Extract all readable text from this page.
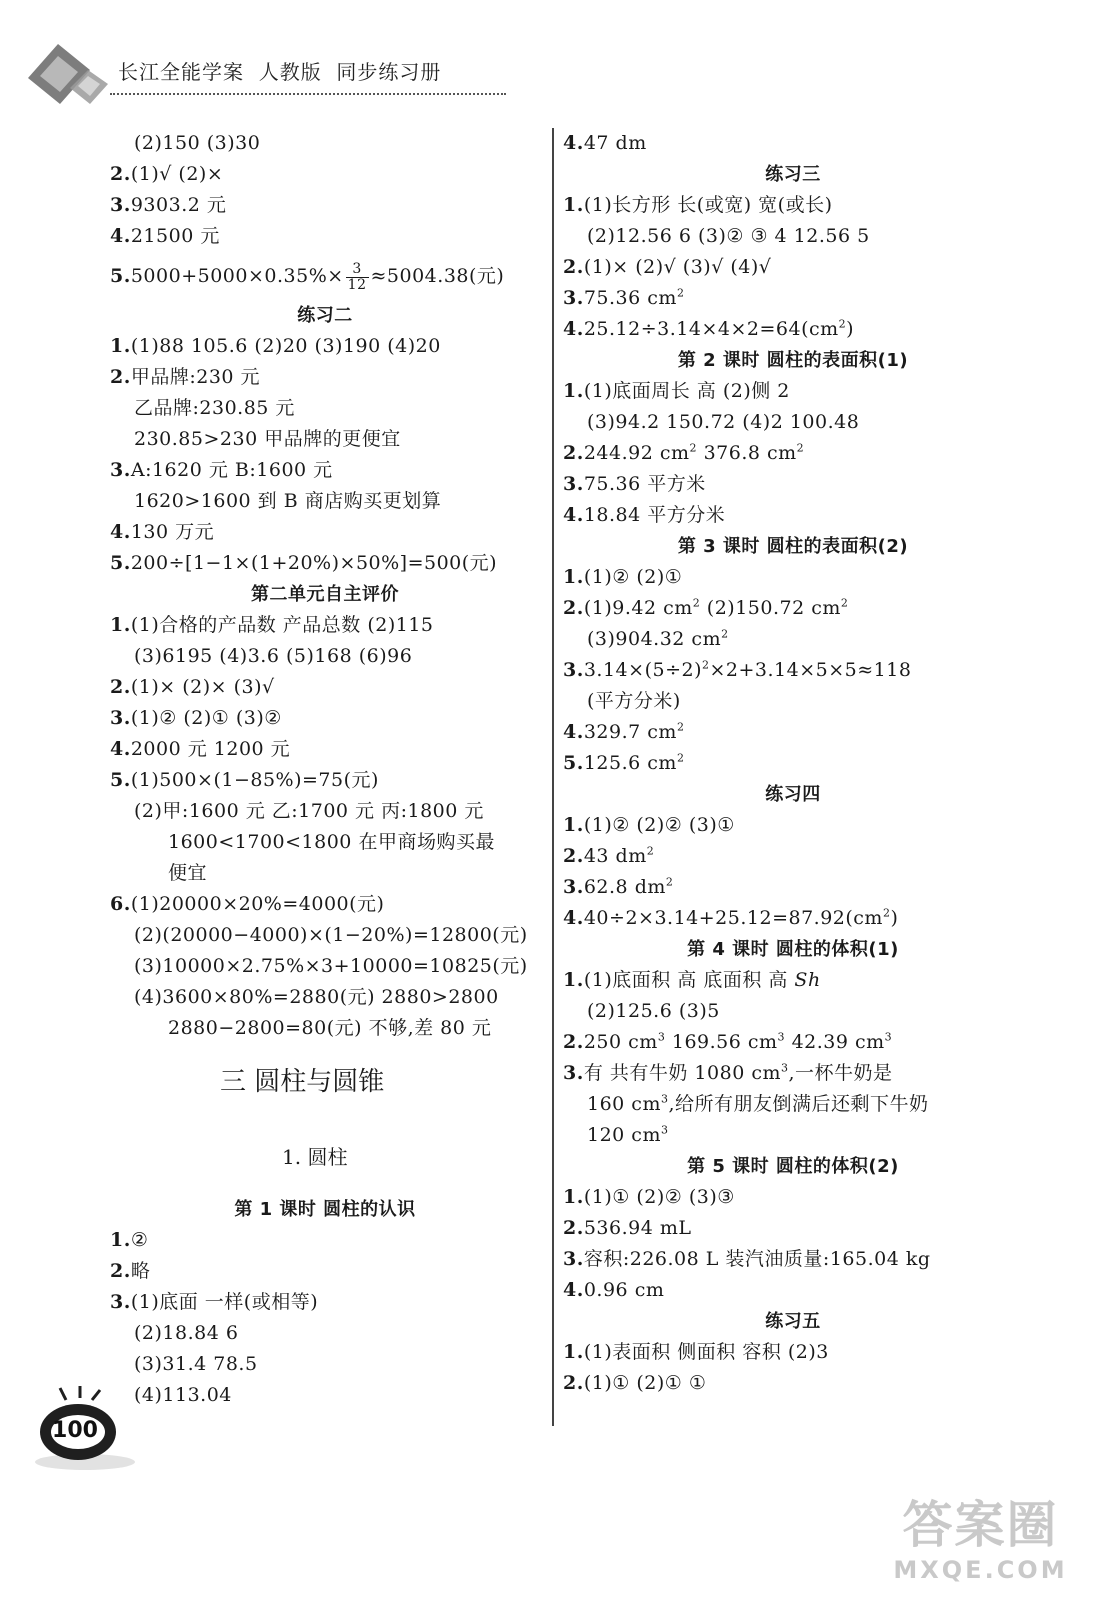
长江全能学案  人教版  同步练习册
(2)150 (3)30
2.(1)√ (2)×
3.9303.2 元
4.21500 元
$5.5000+5000\times 0.35\%\times \frac{3}{12} \approx 5004.38$(元)
练习二
1.(1)88 105.6 (2)20 (3)190 (4)20
2.甲品牌:230 元
乙品牌:230.85 元
230.85>230 甲品牌的更便宜
3.A:1620 元 B:1600 元
1620>1600 到 B 商店购买更划算
4.130 万元
5.200÷[1−1×(1+20%)×50%]=500(元)
第二单元自主评价
1.(1)合格的产品数 产品总数 (2)115
(3)6195 (4)3.6 (5)168 (6)96
2.(1)× (2)× (3)√
3.(1)② (2)① (3)②
4.2000 元 1200 元
5.(1)500×(1−85%)=75(元)
(2)甲:1600 元 乙:1700 元 丙:1800 元
1600<1700<1800 在甲商场购买最
便宜
6.(1)20000×20%=4000(元)
(2)(20000−4000)×(1−20%)=12800(元)
(3)10000×2.75%×3+10000=10825(元)
(4)3600×80%=2880(元) 2880>2800
2880−2800=80(元) 不够,差 80 元
三 圆柱与圆锥
1. 圆柱
第 1 课时 圆柱的认识
1.②
2.略
3.(1)底面 一样(或相等)
(2)18.84 6
(3)31.4 78.5
(4)113.04
4.47 dm
练习三
1.(1)长方形 长(或宽) 宽(或长)
(2)12.56 6 (3)② ③ 4 12.56 5
2.(1)× (2)√ (3)√ (4)√
3.75.36 $cm^2$
$4.25.12\div 3.14\times 4\times 2=64(cm^2)$
第 2 课时 圆柱的表面积(1)
1.(1)底面周长 高 (2)侧 2
(3)94.2 150.72 (4)2 100.48
2.244.92 $cm^2$ 376.8 $cm^2$
3.75.36 平方米
4.18.84 平方分米
第 3 课时 圆柱的表面积(2)
1.(1)② (2)①
2.(1)9.42 $cm^2$ (2)150.72 $cm^2$
(3)904.32 $cm^2$
$3.3.14\times(5\div 2)^2\times 2+3.14\times 5\times 5\approx 118$
(平方分米)
4.329.7 $cm^2$
5.125.6 $cm^2$
练习四
1.(1)② (2)② (3)①
2.43 $dm^2$
3.62.8 $dm^2$
$4.40\div 2\times 3.14+25.12=87.92(cm^2)$
第 4 课时 圆柱的体积(1)
1.(1)底面积 高 底面积 高 Sh
(2)125.6 (3)5
2.250 $cm^3$ 169.56 $cm^3$ 42.39 $cm^3$
3.有 共有牛奶 1080 $cm^3$,一杯牛奶是
160 $cm^3$,给所有朋友倒满后还剩下牛奶
120 $cm^3$
第 5 课时 圆柱的体积(2)
1.(1)① (2)② (3)③
2.536.94 mL
3.容积:226.08 L 装汽油质量:165.04 kg
4.0.96 cm
练习五
1.(1)表面积 侧面积 容积 (2)3
2.(1)① (2)① ①
100
答案圈
MXQE.COM
